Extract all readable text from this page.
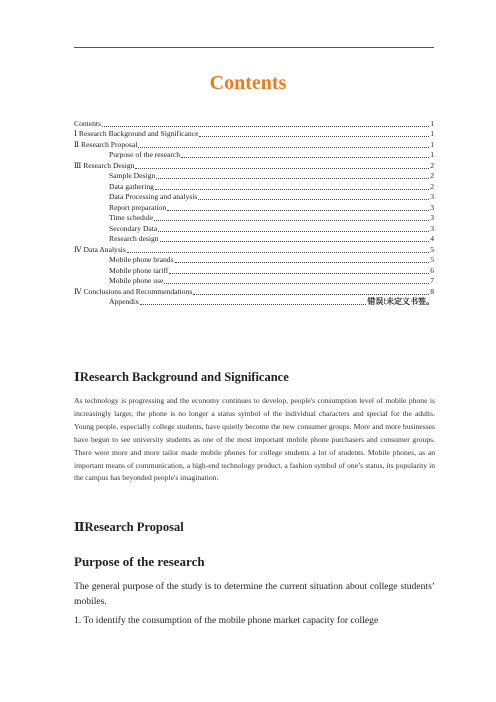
Contents
Contents	1
Ⅰ Research Background and Significance	1
Ⅱ Research Proposal	1
Purpose of the research	1
Ⅲ Research Design	2
Sample Design	2
Data gathering	2
Data Processing and analysis	3
Report preparation	3
Time schedule	3
Secondary Data	3
Research design	4
Ⅳ Data Analysis	5
Mobile phone brands	5
Mobile phone tariff	6
Mobile phone use	7
Ⅳ Conclusions and Recommendations	8
Appendix	错误!未定义书签。
ⅠResearch Background and Significance
As technology is progressing and the economy continues to develop, people's consumption level of mobile phone is increasingly larger, the phone is no longer a status symbol of the individual characters and special for the adults. Young people, especially college students, have quietly become the new consumer groups. More and more businesses have begun to see university students as one of the most important mobile phone purchasers and consumer groups. There were more and more tailor made mobile phones for college students a lot of students. Mobile phones, as an important means of communication, a high-end technology product, a fashion symbol of one’s status, its popularity in the campus has beyonded people's imagination.
ⅡResearch Proposal
Purpose of the research
The general purpose of the study is to determine the current situation about college students’ mobiles.
1. To identify the consumption of the mobile phone market capacity for college
